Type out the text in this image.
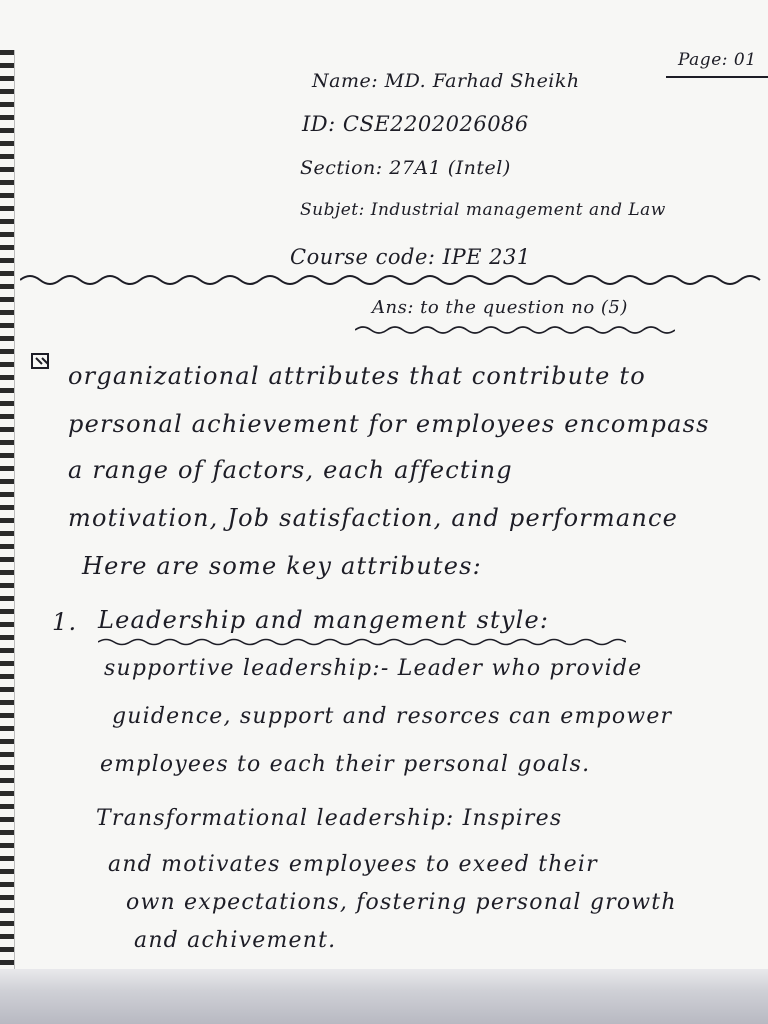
Page: 01
Name: MD. Farhad Sheikh
ID: CSE2202026086
Section: 27A1 (Intel)
Subjet: Industrial management and Law
Course code: IPE 231
Ans: to the question no (5)
organizational attributes that contribute to
personal achievement for employees encompass
a range of factors, each affecting
motivation, Job satisfaction, and performance
Here are some key attributes:
1. Leadership and mangement style:
supportive leadership:- Leader who provide
guidence, support and resorces can empower
employees to each their personal goals.
Transformational leadership: Inspires
and motivates employees to exeed their
own expectations, fostering personal growth
and achivement.
